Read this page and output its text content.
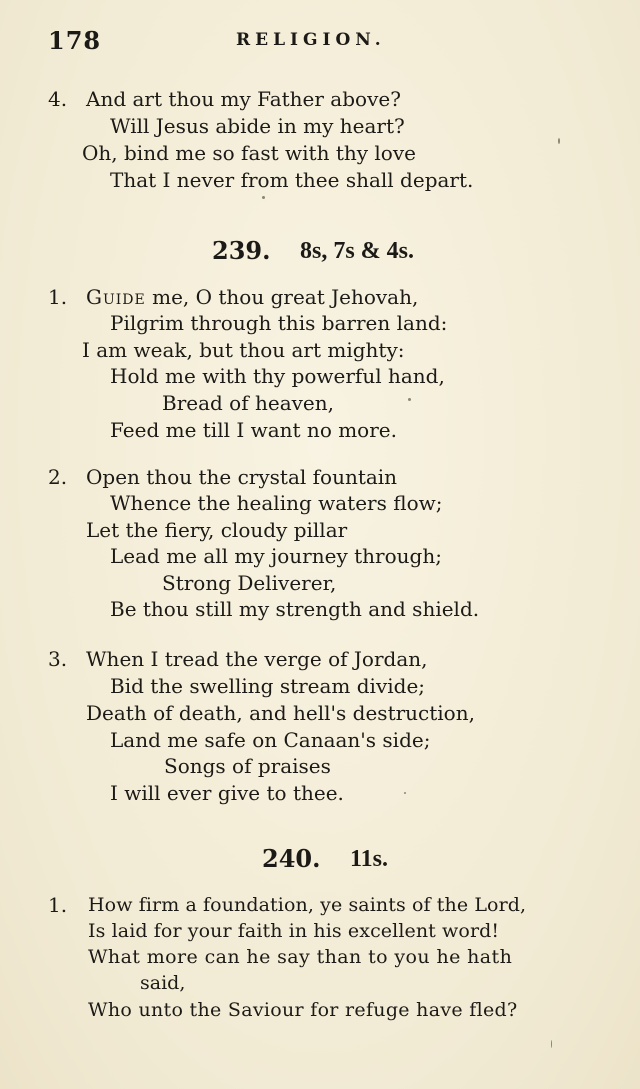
178	RELIGION.
4. And art thou my Father above?
Will Jesus abide in my heart?
Oh, bind me so fast with thy love
That I never from thee shall depart.
239. 8s, 7s & 4s.
1. Guide me, O thou great Jehovah,
Pilgrim through this barren land:
I am weak, but thou art mighty:
Hold me with thy powerful hand,
Bread of heaven,
Feed me till I want no more.
2. Open thou the crystal fountain
Whence the healing waters flow;
Let the fiery, cloudy pillar
Lead me all my journey through;
Strong Deliverer,
Be thou still my strength and shield.
3. When I tread the verge of Jordan,
Bid the swelling stream divide;
Death of death, and hell's destruction,
Land me safe on Canaan's side;
Songs of praises
I will ever give to thee.
240. 11s.
1. How firm a foundation, ye saints of the Lord,
Is laid for your faith in his excellent word!
What more can he say than to you he hath
said,
Who unto the Saviour for refuge have fled?
